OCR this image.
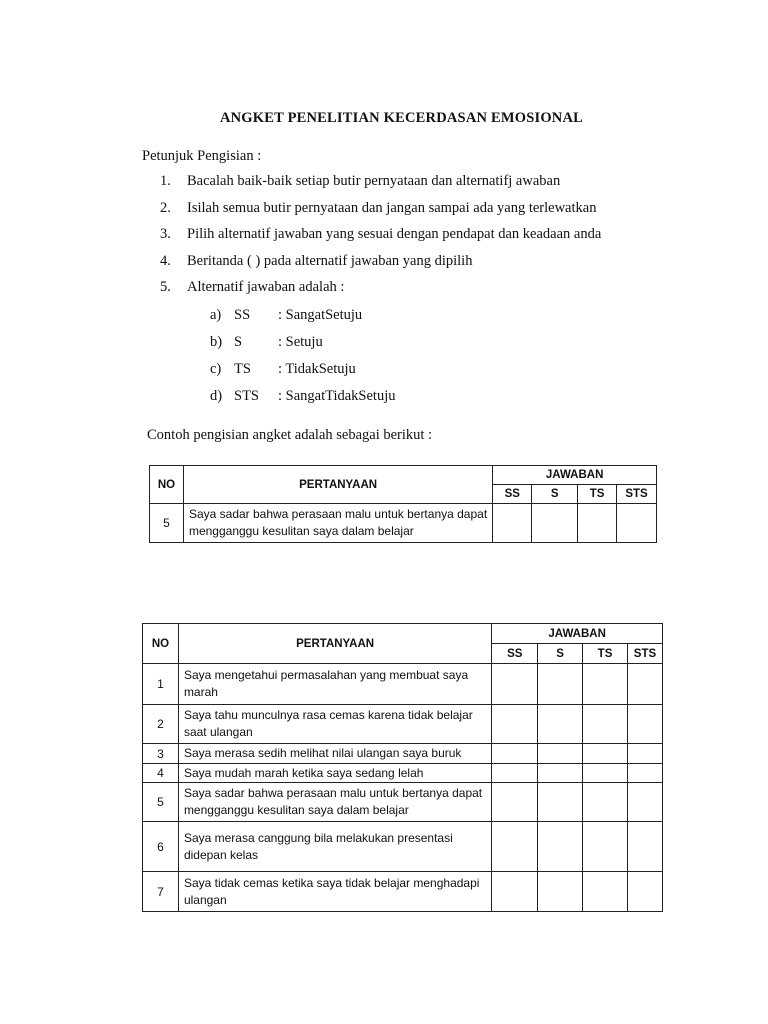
ANGKET PENELITIAN KECERDASAN EMOSIONAL
Petunjuk Pengisian :
1. Bacalah baik-baik setiap butir pernyataan dan alternatifj awaban
2. Isilah semua butir pernyataan dan jangan sampai ada yang terlewatkan
3. Pilih alternatif jawaban yang sesuai dengan pendapat dan keadaan anda
4. Beritanda ( ) pada alternatif jawaban yang dipilih
5. Alternatif jawaban adalah :
a) SS : SangatSetuju
b) S : Setuju
c) TS : TidakSetuju
d) STS : SangatTidakSetuju
Contoh pengisian angket adalah sebagai berikut :
NO	PERTANYAAN	JAWABAN			
		SS	S	TS	STS
5	Saya sadar bahwa perasaan malu untuk bertanya dapat mengganggu kesulitan saya dalam belajar				
NO	PERTANYAAN	JAWABAN			
		SS	S	TS	STS
1	Saya mengetahui permasalahan yang membuat saya marah				
2	Saya tahu munculnya rasa cemas karena tidak belajar saat ulangan				
3	Saya merasa sedih melihat nilai ulangan saya buruk				
4	Saya mudah marah ketika saya sedang lelah				
5	Saya sadar bahwa perasaan malu untuk bertanya dapat mengganggu kesulitan saya dalam belajar				
6	Saya merasa canggung bila melakukan presentasi didepan kelas				
7	Saya tidak cemas ketika saya tidak belajar menghadapi ulangan				
